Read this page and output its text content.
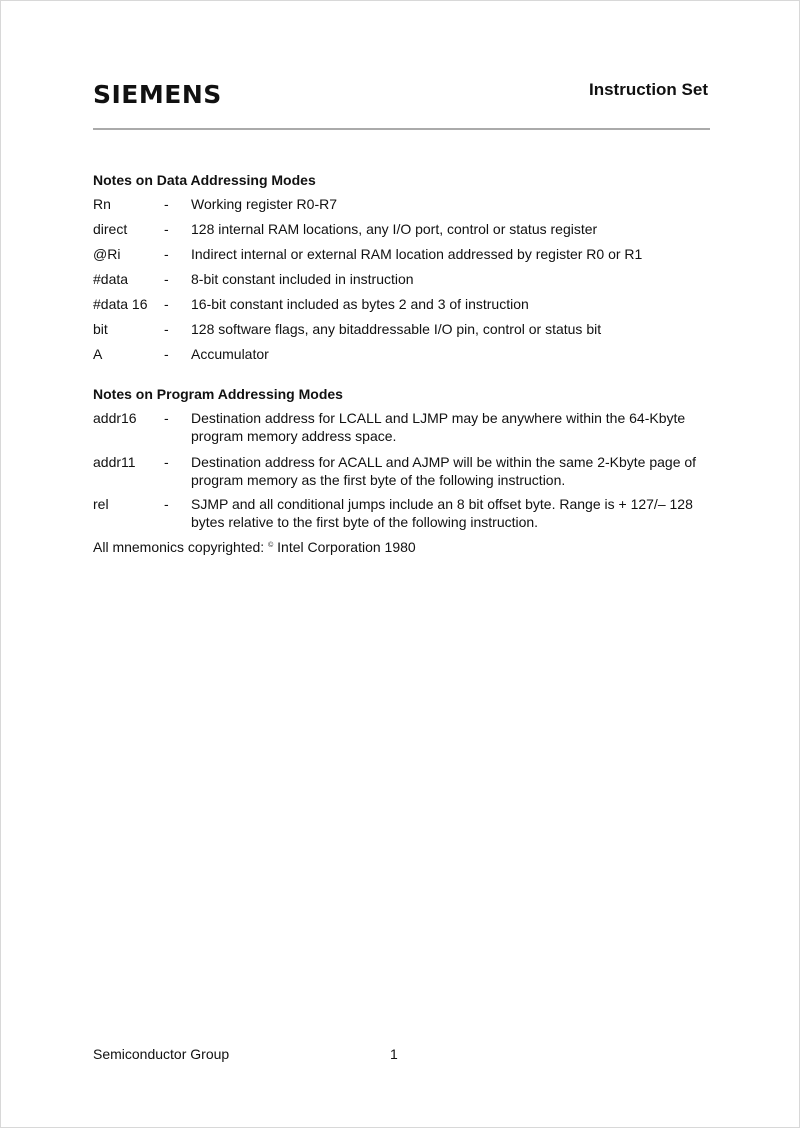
SIEMENS	Instruction Set
Notes on Data Addressing Modes
Rn	- Working register R0-R7
direct	- 128 internal RAM locations, any I/O port, control or status register
@Ri	- Indirect internal or external RAM location addressed by register R0 or R1
#data	- 8-bit constant included in instruction
#data 16 - 16-bit constant included as bytes 2 and 3 of instruction
bit	- 128 software flags, any bitaddressable I/O pin, control or status bit
A	- Accumulator
Notes on Program Addressing Modes
addr16 - Destination address for LCALL and LJMP may be anywhere within the 64-Kbyte program memory address space.
addr11 - Destination address for ACALL and AJMP will be within the same 2-Kbyte page of program memory as the first byte of the following instruction.
rel	- SJMP and all conditional jumps include an 8 bit offset byte. Range is + 127/– 128 bytes relative to the first byte of the following instruction.
All mnemonics copyrighted: © Intel Corporation 1980
Semiconductor Group	1
